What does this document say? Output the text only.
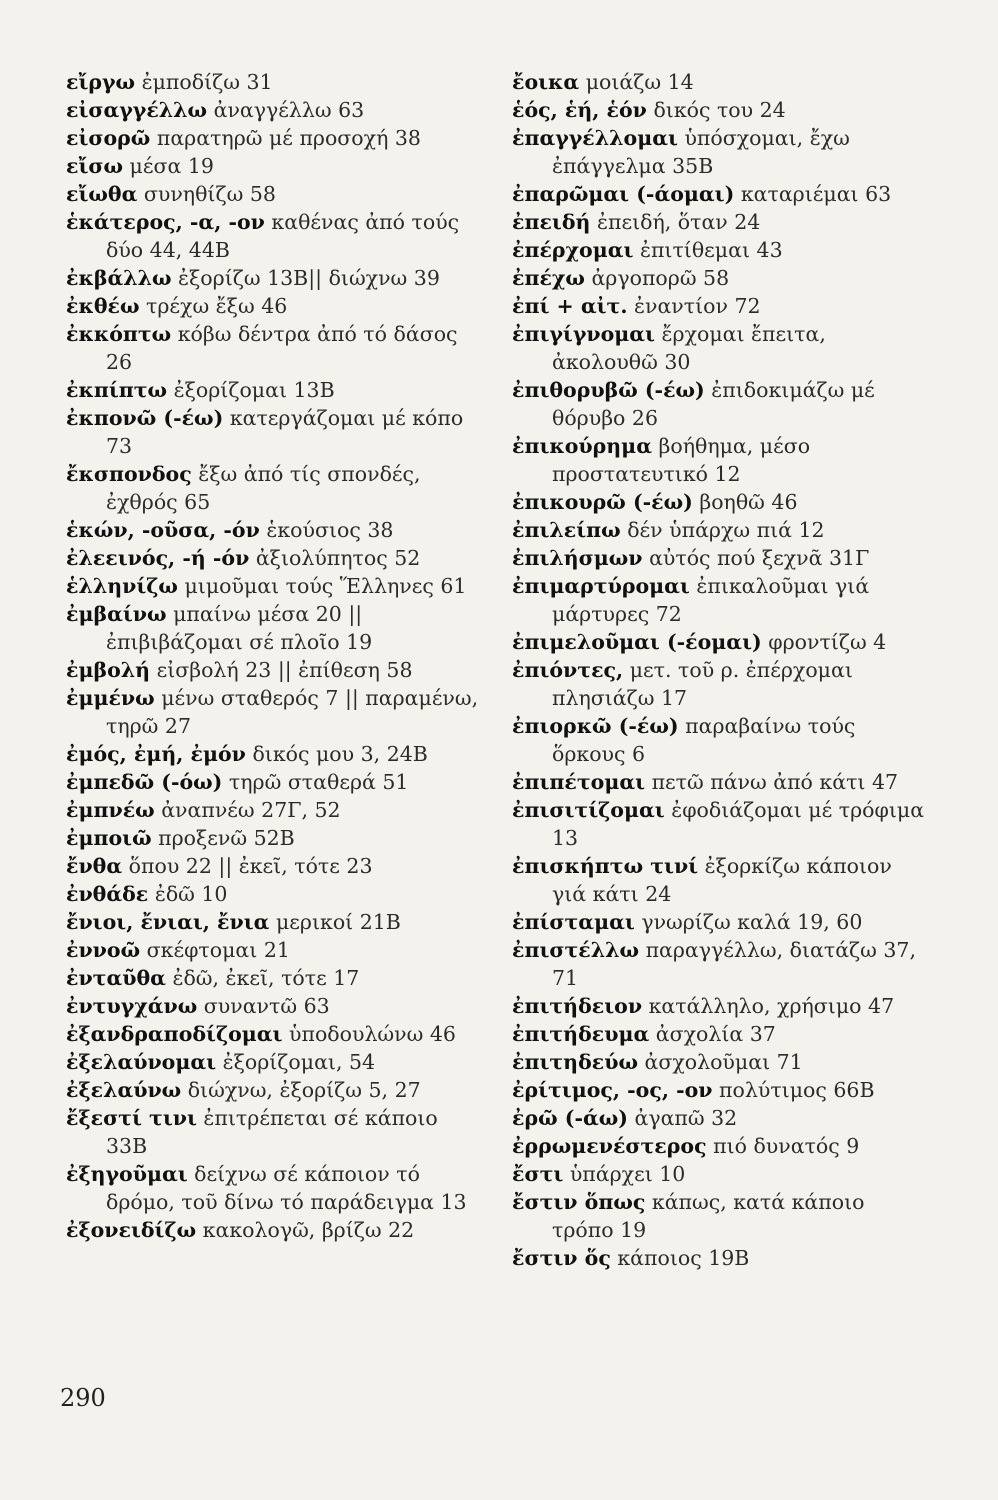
εἴργω ἐμποδίζω 31

εἰσαγγέλλω ἀναγγέλλω 63

εἰσορῶ παρατηρῶ μέ προσοχή 38

εἴσω μέσα 19

εἴωθα συνηθίζω 58

ἑκάτερος, -α, -ον καθένας ἀπό τούς δύο 44, 44B

ἐκβάλλω ἐξορίζω 13B|| διώχνω 39

ἐκθέω τρέχω ἔξω 46

ἐκκόπτω κόβω δέντρα ἀπό τό δάσος 26

ἐκπίπτω ἐξορίζομαι 13B

ἐκπονῶ (-έω) κατεργάζομαι μέ κόπο 73

ἔκσπονδος ἔξω ἀπό τίς σπονδές, ἐχθρός 65

ἑκών, -οῦσα, -όν ἑκούσιος 38

ἐλεεινός, -ή -όν ἀξιολύπητος 52

ἑλληνίζω μιμοῦμαι τούς Ἕλληνες 61

ἐμβαίνω μπαίνω μέσα 20 || ἐπιβιβάζομαι σέ πλοῖο 19

ἐμβολή εἰσβολή 23 || ἐπίθεση 58

ἐμμένω μένω σταθερός 7 || παραμένω, τηρῶ 27

ἐμός, ἐμή, ἐμόν δικός μου 3, 24B

ἐμπεδῶ (-όω) τηρῶ σταθερά 51

ἐμπνέω ἀναπνέω 27Γ, 52

ἐμποιῶ προξενῶ 52B

ἔνθα ὅπου 22 || ἐκεῖ, τότε 23

ἐνθάδε ἐδῶ 10

ἔνιοι, ἔνιαι, ἔνια μερικοί 21B

ἐννοῶ σκέφτομαι 21

ἐνταῦθα ἐδῶ, ἐκεῖ, τότε 17

ἐντυγχάνω συναντῶ 63

ἐξανδραποδίζομαι ὑποδουλώνω 46

ἐξελαύνομαι ἐξορίζομαι, 54

ἐξελαύνω διώχνω, ἐξορίζω 5, 27

ἔξεστί τινι ἐπιτρέπεται σέ κάποιο 33B

ἐξηγοῦμαι δείχνω σέ κάποιον τό δρόμο, τοῦ δίνω τό παράδειγμα 13

ἐξονειδίζω κακολογῶ, βρίζω 22

ἔοικα μοιάζω 14

ἑός, ἑή, ἑόν δικός του 24

ἐπαγγέλλομαι ὑπόσχομαι, ἔχω ἐπάγγελμα 35B

ἐπαρῶμαι (-άομαι) καταριέμαι 63

ἐπειδή ἐπειδή, ὅταν 24

ἐπέρχομαι ἐπιτίθεμαι 43

ἐπέχω ἀργοπορῶ 58

ἐπί + αἰτ. ἐναντίον 72

ἐπιγίγνομαι ἔρχομαι ἔπειτα, ἀκολουθῶ 30

ἐπιθορυβῶ (-έω) ἐπιδοκιμάζω μέ θόρυβο 26

ἐπικούρημα βοήθημα, μέσο προστατευτικό 12

ἐπικουρῶ (-έω) βοηθῶ 46

ἐπιλείπω δέν ὑπάρχω πιά 12

ἐπιλήσμων αὐτός πού ξεχνᾶ 31Γ

ἐπιμαρτύρομαι ἐπικαλοῦμαι γιά μάρτυρες 72

ἐπιμελοῦμαι (-έομαι) φροντίζω 4

ἐπιόντες, μετ. τοῦ ρ. ἐπέρχομαι πλησιάζω 17

ἐπιορκῶ (-έω) παραβαίνω τούς ὅρκους 6

ἐπιπέτομαι πετῶ πάνω ἀπό κάτι 47

ἐπισιτίζομαι ἐφοδιάζομαι μέ τρόφιμα 13

ἐπισκήπτω τινί ἐξορκίζω κάποιον γιά κάτι 24

ἐπίσταμαι γνωρίζω καλά 19, 60

ἐπιστέλλω παραγγέλλω, διατάζω 37, 71

ἐπιτήδειον κατάλληλο, χρήσιμο 47

ἐπιτήδευμα ἀσχολία 37

ἐπιτηδεύω ἀσχολοῦμαι 71

ἐρίτιμος, -ος, -ον πολύτιμος 66B

ἐρῶ (-άω) ἀγαπῶ 32

ἐρρωμενέστερος πιό δυνατός 9

ἔστι ὑπάρχει 10

ἔστιν ὅπως κάπως, κατά κάποιο τρόπο 19

ἔστιν ὅς κάποιος 19B

290
